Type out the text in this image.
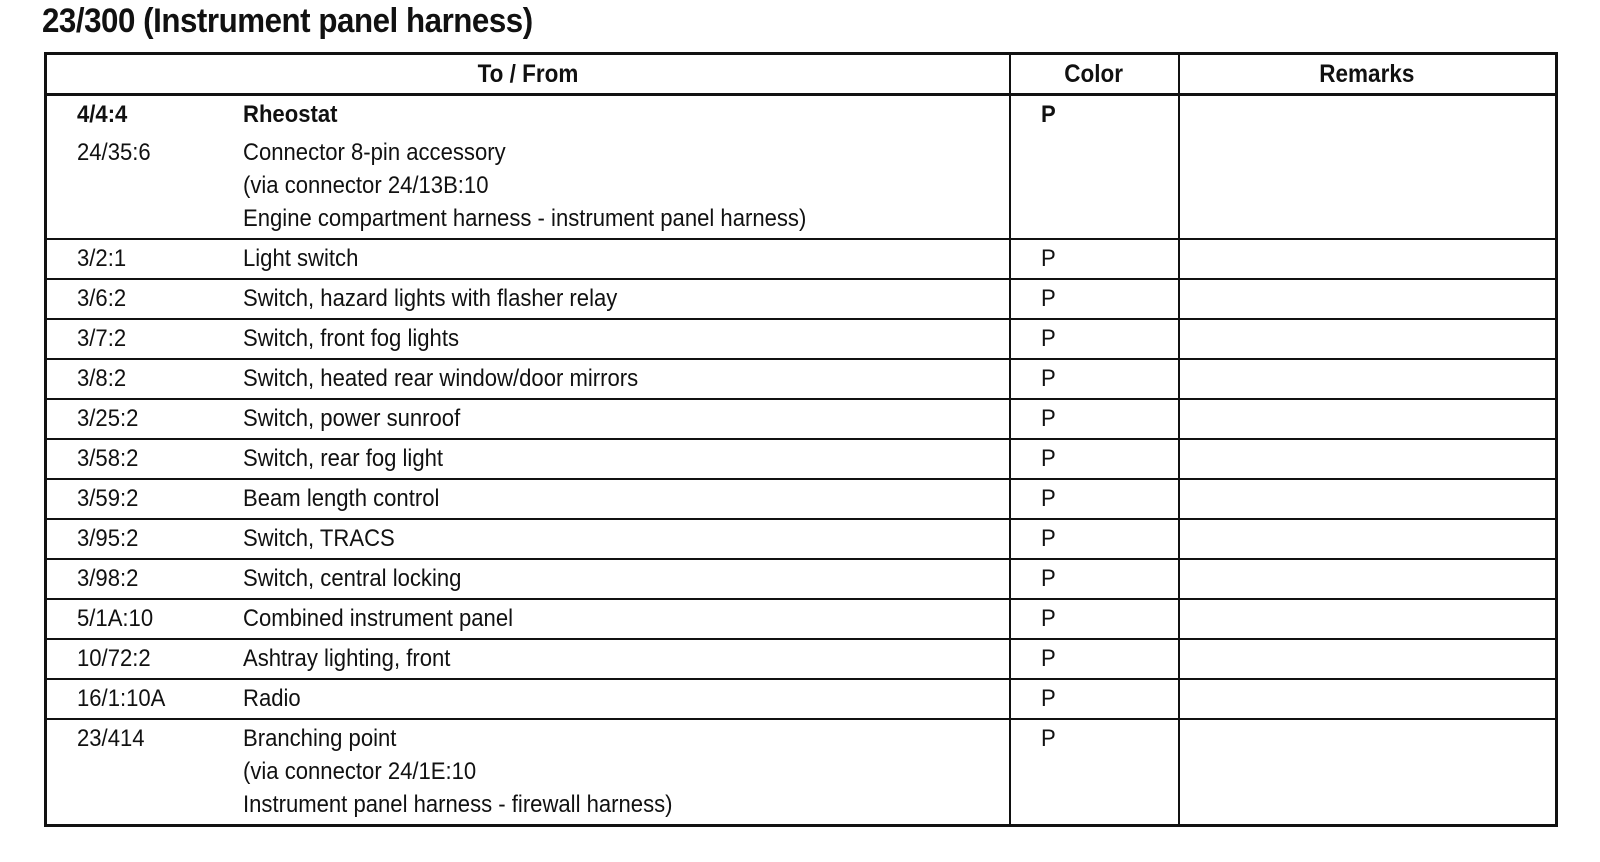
23/300 (Instrument panel harness)
To / From		Color	Remarks
4/4:4	Rheostat	P	
24/35:6	Connector 8-pin accessory
(via connector 24/13B:10
Engine compartment harness - instrument panel harness)		

3/2:1	Light switch	P	
3/6:2	Switch, hazard lights with flasher relay	P	
3/7:2	Switch, front fog lights	P	
3/8:2	Switch, heated rear window/door mirrors	P	
3/25:2	Switch, power sunroof	P	
3/58:2	Switch, rear fog light	P	
3/59:2	Beam length control	P	
3/95:2	Switch, TRACS	P	
3/98:2	Switch, central locking	P	
5/1A:10	Combined instrument panel	P	
10/72:2	Ashtray lighting, front	P	
16/1:10A	Radio	P	
23/414	Branching point
(via connector 24/1E:10
Instrument panel harness - firewall harness)	P	
